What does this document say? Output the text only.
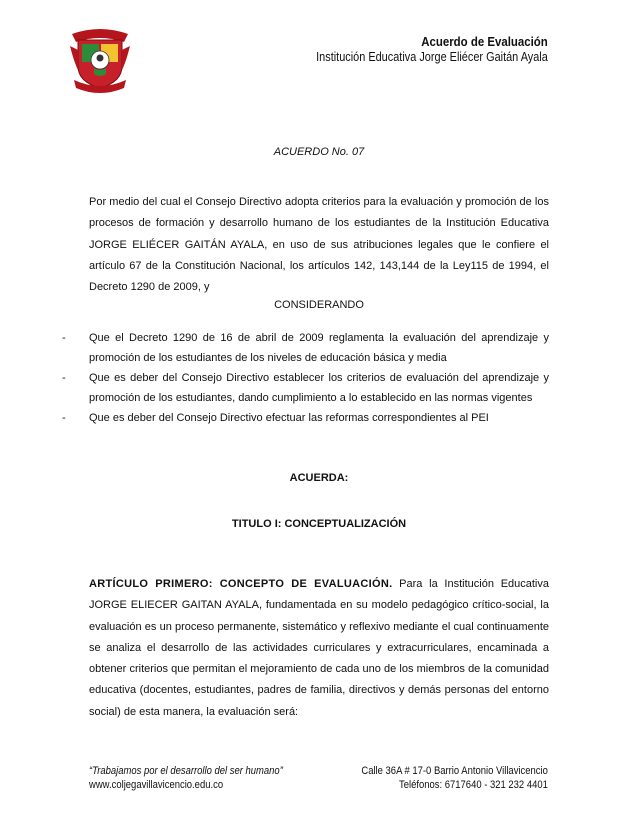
Acuerdo de Evaluación
Institución Educativa Jorge Eliécer Gaitán Ayala
ACUERDO No. 07
Por medio del cual el Consejo Directivo adopta criterios para la evaluación y promoción de los procesos de formación y desarrollo humano de los estudiantes de la Institución Educativa JORGE ELIÉCER GAITÁN AYALA, en uso de sus atribuciones legales que le confiere el artículo 67 de la Constitución Nacional, los artículos 142, 143,144 de la Ley115 de 1994, el Decreto 1290 de 2009, y
CONSIDERANDO
- Que el Decreto 1290 de 16 de abril de 2009 reglamenta la evaluación del aprendizaje y promoción de los estudiantes de los niveles de educación básica y media
- Que es deber del Consejo Directivo establecer los criterios de evaluación del aprendizaje y promoción de los estudiantes, dando cumplimiento a lo establecido en las normas vigentes
- Que es deber del Consejo Directivo efectuar las reformas correspondientes al PEI
ACUERDA:
TITULO I: CONCEPTUALIZACIÓN
ARTÍCULO PRIMERO: CONCEPTO DE EVALUACIÓN. Para la Institución Educativa JORGE ELIECER GAITAN AYALA, fundamentada en su modelo pedagógico crítico-social, la evaluación es un proceso permanente, sistemático y reflexivo mediante el cual continuamente se analiza el desarrollo de las actividades curriculares y extracurriculares, encaminada a obtener criterios que permitan el mejoramiento de cada uno de los miembros de la comunidad educativa (docentes, estudiantes, padres de familia, directivos y demás personas del entorno social) de esta manera, la evaluación será:
“Trabajamos por el desarrollo del ser humano”
www.coljegavillavicencio.edu.co
Calle 36A # 17-0 Barrio Antonio Villavicencio
Teléfonos: 6717640 - 321 232 4401
